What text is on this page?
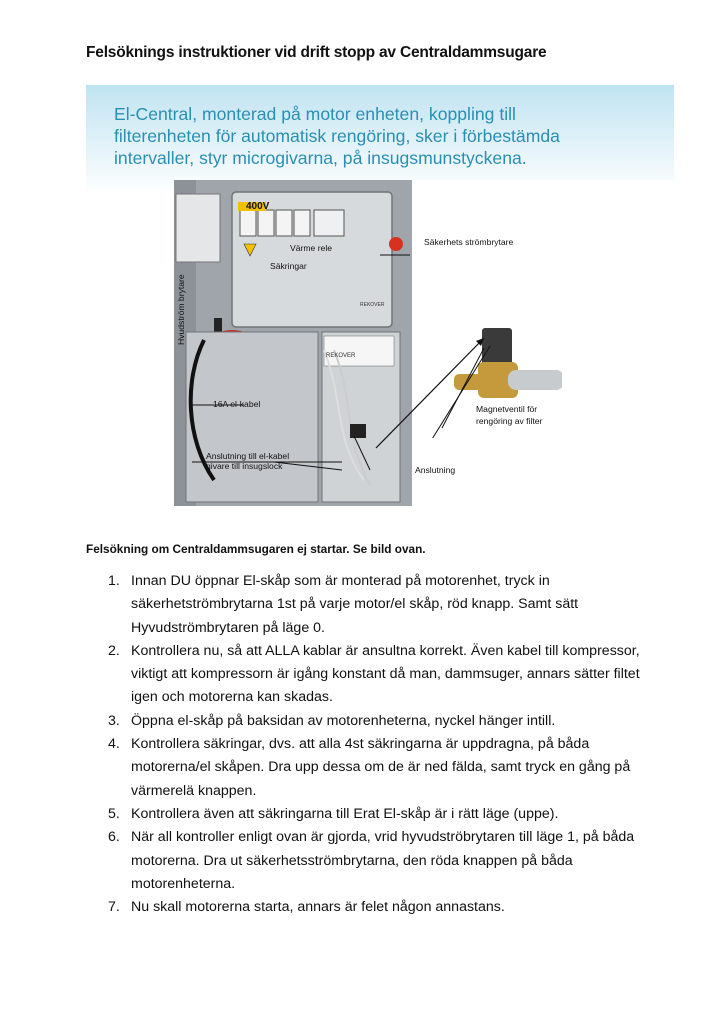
Felsöknings instruktioner vid drift stopp av Centraldammsugare
El-Central, monterad på motor enheten, koppling till filterenheten för automatisk rengöring, sker i förbestämda intervaller, styr microgivarna, på insugsmunstyckena.
400V
Värme rele
Säkringar
Säkerhets strömbrytare
Hvudström brytare
16A el-kabel
Anslutning till el-kabel givare till insugslock	Anslutning
Magnetventil för rengöring av filter
REKOVER
REKOVER
Felsökning om Centraldammsugaren ej startar. Se bild ovan.
1. Innan DU öppnar El-skåp som är monterad på motorenhet, tryck in säkerhetströmbrytarna 1st på varje motor/el skåp, röd knapp. Samt sätt Hyvudströmbrytaren på läge 0.
2. Kontrollera nu, så att ALLA kablar är ansultna korrekt. Även kabel till kompressor, viktigt att kompressorn är igång konstant då man, dammsuger, annars sätter filtet igen och motorerna kan skadas.
3. Öppna el-skåp på baksidan av motorenheterna, nyckel hänger intill.
4. Kontrollera säkringar, dvs. att alla 4st säkringarna är uppdragna, på båda motorerna/el skåpen. Dra upp dessa om de är ned fälda, samt tryck en gång på värmerelä knappen.
5. Kontrollera även att säkringarna till Erat El-skåp är i rätt läge (uppe).
6. När all kontroller enligt ovan är gjorda, vrid hyvudströbrytaren till läge 1, på båda motorerna. Dra ut säkerhetsströmbrytarna, den röda knappen på båda motorenheterna.
7. Nu skall motorerna starta, annars är felet någon annastans.
